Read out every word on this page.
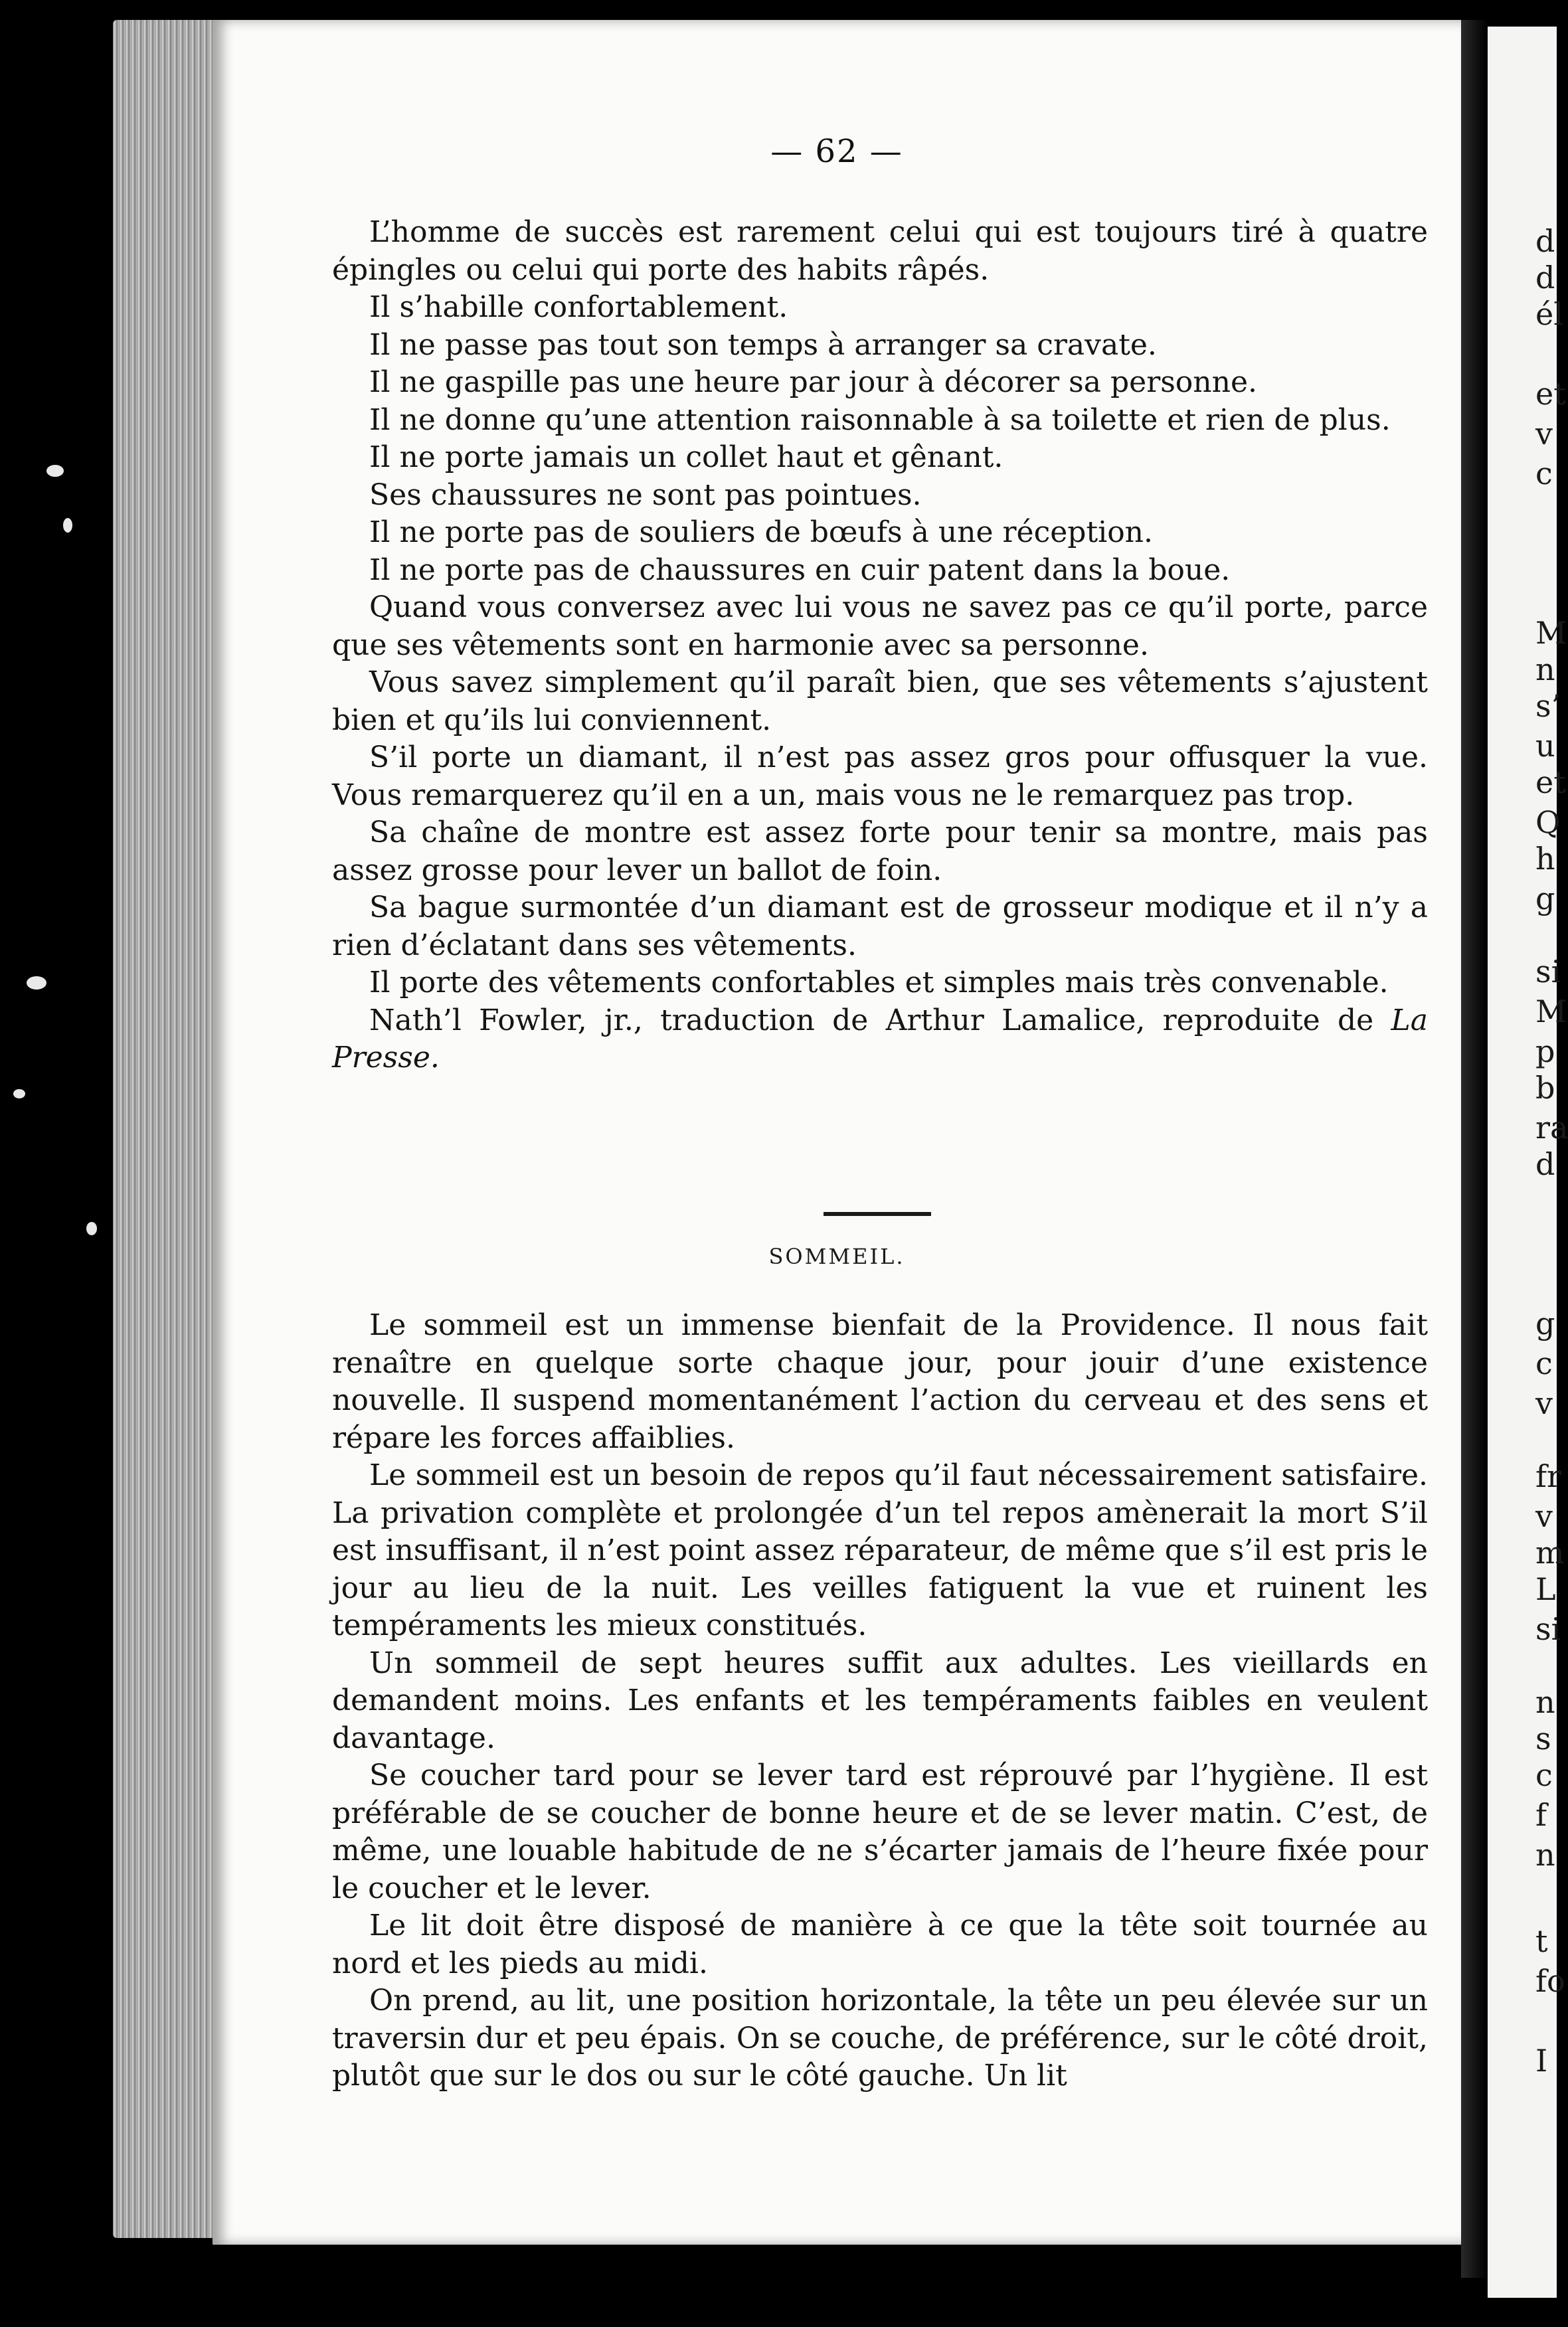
— 62 —

L’homme de succès est rarement celui qui est toujours tiré à quatre épingles ou celui qui porte des habits râpés.

Il s’habille confortablement.

Il ne passe pas tout son temps à arranger sa cravate.

Il ne gaspille pas une heure par jour à décorer sa personne.

Il ne donne qu’une attention raisonnable à sa toilette et rien de plus.

Il ne porte jamais un collet haut et gênant.

Ses chaussures ne sont pas pointues.

Il ne porte pas de souliers de bœufs à une réception.

Il ne porte pas de chaussures en cuir patent dans la boue.

Quand vous conversez avec lui vous ne savez pas ce qu’il porte, parce que ses vêtements sont en harmonie avec sa personne.

Vous savez simplement qu’il paraît bien, que ses vêtements s’ajustent bien et qu’ils lui conviennent.

S’il porte un diamant, il n’est pas assez gros pour offusquer la vue. Vous remarquerez qu’il en a un, mais vous ne le remarquez pas trop.

Sa chaîne de montre est assez forte pour tenir sa montre, mais pas assez grosse pour lever un ballot de foin.

Sa bague surmontée d’un diamant est de grosseur modique et il n’y a rien d’éclatant dans ses vêtements.

Il porte des vêtements confortables et simples mais très convenable.

Nath’l Fowler, jr., traduction de Arthur Lamalice, reproduite de La Presse.

SOMMEIL.

Le sommeil est un immense bienfait de la Providence. Il nous fait renaître en quelque sorte chaque jour, pour jouir d’une existence nouvelle. Il suspend momentanément l’action du cerveau et des sens et répare les forces affaiblies.

Le sommeil est un besoin de repos qu’il faut nécessairement satisfaire. La privation complète et prolongée d’un tel repos amènerait la mort S’il est insuffisant, il n’est point assez réparateur, de même que s’il est pris le jour au lieu de la nuit. Les veilles fatiguent la vue et ruinent les tempéraments les mieux constitués.

Un sommeil de sept heures suffit aux adultes. Les vieillards en demandent moins. Les enfants et les tempéraments faibles en veulent davantage.

Se coucher tard pour se lever tard est réprouvé par l’hygiène. Il est préférable de se coucher de bonne heure et de se lever matin. C’est, de même, une louable habitude de ne s’écarter jamais de l’heure fixée pour le coucher et le lever.

Le lit doit être disposé de manière à ce que la tête soit tournée au nord et les pieds au midi.

On prend, au lit, une position horizontale, la tête un peu élevée sur un traversin dur et peu épais. On se couche, de préférence, sur le côté droit, plutôt que sur le dos ou sur le côté gauche. Un lit

d
d
él
et
v
c
M
n
s’
u
et
Q
h
g
si
M
p
b
ra
d
g
c
v
fr
v
m
L
si
n
s
c
f
n
t
fo
I
